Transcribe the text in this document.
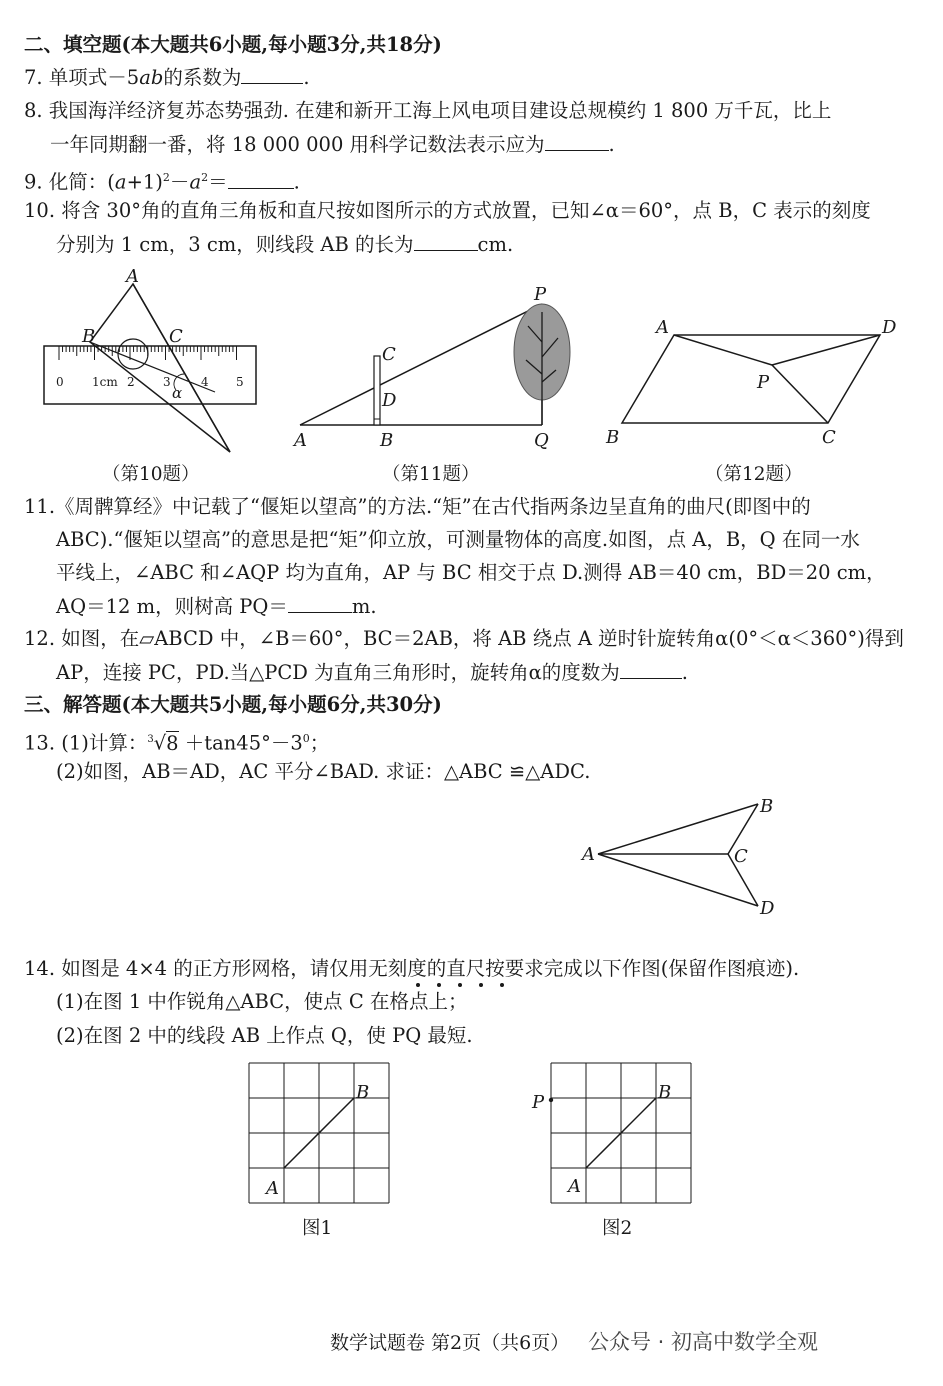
二、填空题(本大题共6小题,每小题3分,共18分)
7. 单项式－5ab的系数为	.
8. 我国海洋经济复苏态势强劲. 在建和新开工海上风电项目建设总规模约 1 800 万千瓦，比上
一年同期翻一番，将 18 000 000 用科学记数法表示应为	.
9. 化简：$(a+1)^2-a^2=$	.
10. 将含 30°角的直角三角板和直尺按如图所示的方式放置，已知∠α＝60°，点 B，C 表示的刻度
分别为 1 cm，3 cm，则线段 AB 的长为	cm.
0 1cm 2 3	4 5
A
B	C
α
（第10题）
P
C
D
A	B	Q
（第11题）
A	D
P
B	C
（第12题）
11.《周髀算经》中记载了“偃矩以望高”的方法.“矩”在古代指两条边呈直角的曲尺(即图中的
ABC).“偃矩以望高”的意思是把“矩”仰立放，可测量物体的高度.如图，点 A，B，Q 在同一水
平线上，∠ABC 和∠AQP 均为直角，AP 与 BC 相交于点 D.测得 AB＝40 cm，BD＝20 cm，
AQ＝12 m，则树高 PQ＝	m.
12. 如图，在▱ABCD 中，∠B＝60°，BC＝2AB，将 AB 绕点 A 逆时针旋转角α(0°＜α＜360°)得到
AP，连接 PC，PD.当△PCD 为直角三角形时，旋转角α的度数为	.
三、解答题(本大题共5小题,每小题6分,共30分)
13. (1)计算：$^3√8 +\tan 45^\circ-3^0$；
(2)如图，AB＝AD，AC 平分∠BAD. 求证：△ABC ≌△ADC.
A
B
C
D
14. 如图是 4×4 的正方形网格，请仅用无刻度的直尺按要求完成以下作图(保留作图痕迹).
(1)在图 1 中作锐角△ABC，使点 C 在格点上；
(2)在图 2 中的线段 AB 上作点 Q，使 PQ 最短.
A
B
图1
P
A
B
图2
数学试题卷 第2页（共6页） 公众号 · 初高中数学全观
